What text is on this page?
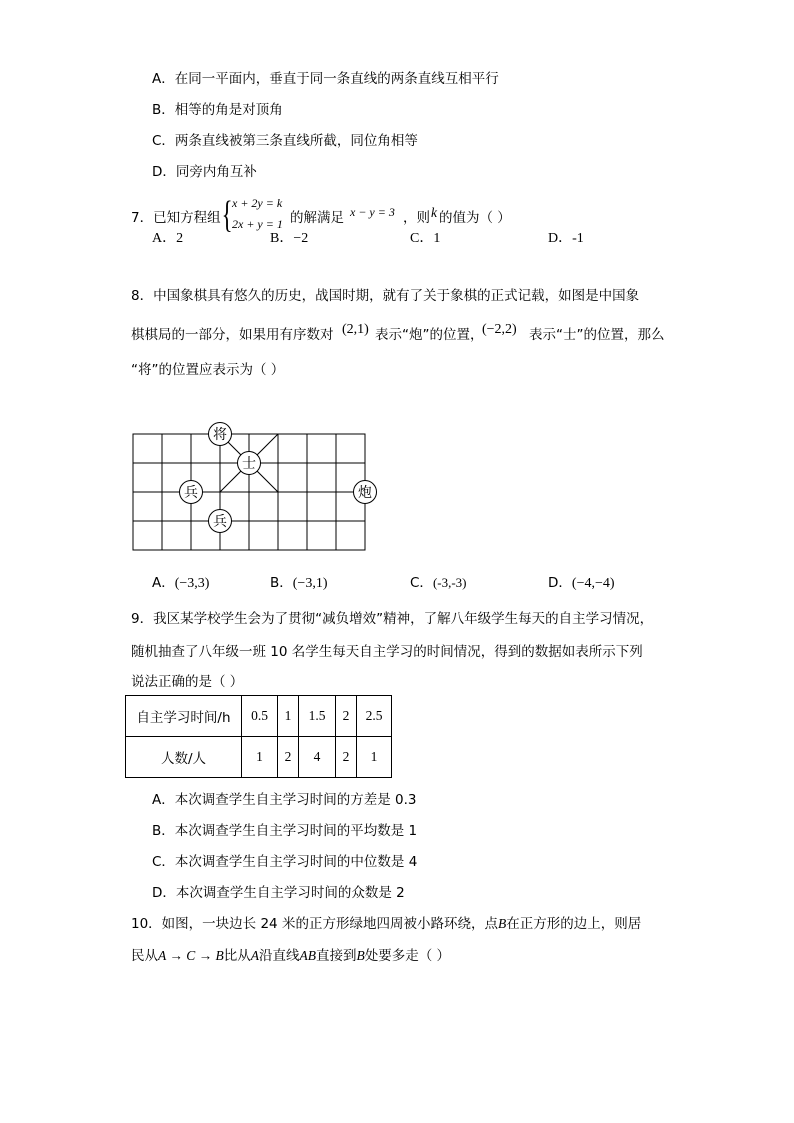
A．在同一平面内，垂直于同一条直线的两条直线互相平行
B．相等的角是对顶角
C．两条直线被第三条直线所截，同位角相等
D．同旁内角互补
7．已知方程组 { x + 2y = k
2x + y = 1 的解满足 x − y = 3 ，则 k 的值为（ ）
A．2	B．−2	C．1	D．-1
8．中国象棋具有悠久的历史，战国时期，就有了关于象棋的正式记载，如图是中国象
棋棋局的一部分，如果用有序数对 (2,1) 表示“炮”的位置，
(−2,2) 表示“士”的位置，那么
“将”的位置应表示为（ ）
将
士
兵
兵
炮
A．(−3,3)	B．(−3,1)	C．(-3,-3)	D．(−4,−4)
9．我区某学校学生会为了贯彻“减负增效”精神，了解八年级学生每天的自主学习情况，
随机抽查了八年级一班 10 名学生每天自主学习的时间情况，得到的数据如表所示下列
说法正确的是（ ）
自主学习时间/h	0.5	1	1.5	2	2.5
人数/人	1	2	4	2	1
A．本次调查学生自主学习时间的方差是 0.3
B．本次调查学生自主学习时间的平均数是 1
C．本次调查学生自主学习时间的中位数是 4
D．本次调查学生自主学习时间的众数是 2
10．如图，一块边长 24 米的正方形绿地四周被小路环绕，点B在正方形的边上，则居
民从A → C → B比从A沿直线AB直接到B处要多走（ ）
